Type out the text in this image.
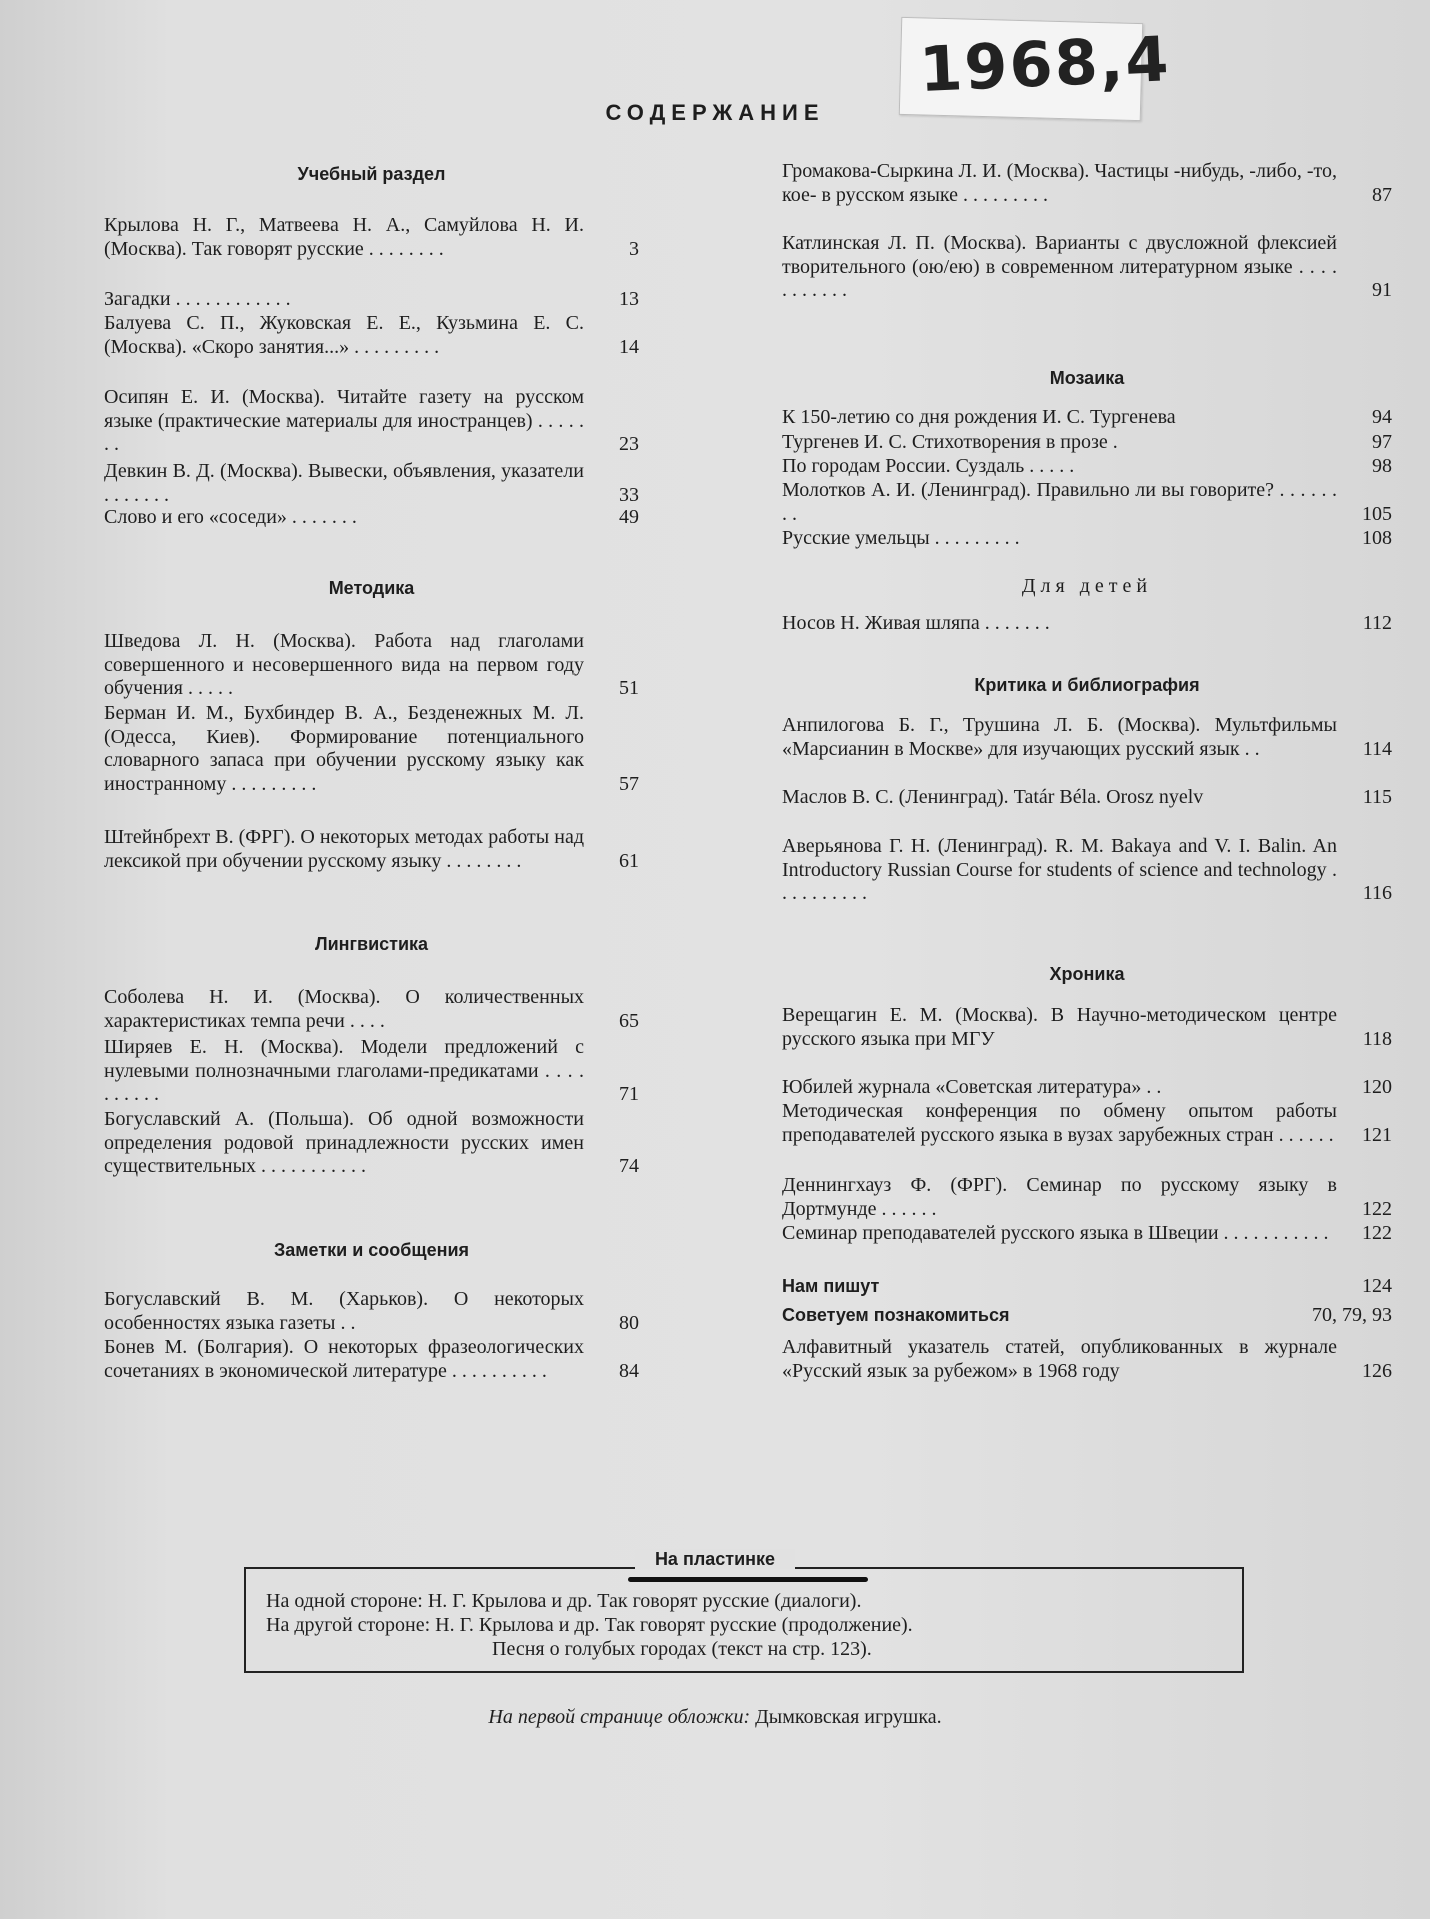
1968,4
СОДЕРЖАНИЕ
Учебный раздел
Крылова Н. Г., Матвеева Н. А., Самуйлова Н. И. (Москва). Так говорят русские . . . . . . . .	3
Загадки . . . . . . . . . . . .	13
Балуева С. П., Жуковская Е. Е., Кузьмина Е. С. (Москва). «Скоро занятия...» . . . . . . . . .	14
Осипян Е. И. (Москва). Читайте газету на русском языке (практические материалы для иностранцев) . . . . . . .	23
Девкин В. Д. (Москва). Вывески, объявления, указатели . . . . . . .	33
Слово и его «соседи» . . . . . . .	49
Методика
Шведова Л. Н. (Москва). Работа над глаголами совершенного и несовершенного вида на первом году обучения . . . . .	51
Берман И. М., Бухбиндер В. А., Безденежных М. Л. (Одесса, Киев). Формирование потенциального словарного запаса при обучении русскому языку как иностранному . . . . . . . . .	57
Штейнбрехт В. (ФРГ). О некоторых методах работы над лексикой при обучении русскому языку . . . . . . . .	61
Лингвистика
Соболева Н. И. (Москва). О количественных характеристиках темпа речи . . . .	65
Ширяев Е. Н. (Москва). Модели предложений с нулевыми полнозначными глаголами-предикатами . . . . . . . . . .	71
Богуславский А. (Польша). Об одной возможности определения родовой принадлежности русских имен существительных . . . . . . . . . . .	74
Заметки и сообщения
Богуславский В. М. (Харьков). О некоторых особенностях языка газеты . .	80
Бонев М. (Болгария). О некоторых фразеологических сочетаниях в экономической литературе . . . . . . . . . .	84
Громакова-Сыркина Л. И. (Москва). Частицы -нибудь, -либо, -то, кое- в русском языке . . . . . . . . .	87
Катлинская Л. П. (Москва). Варианты с двусложной флексией творительного (ою/ею) в современном литературном языке . . . . . . . . . . .	91
Мозаика
К 150-летию со дня рождения И. С. Тургенева	94
Тургенев И. С. Стихотворения в прозе .	97
По городам России. Суздаль . . . . .	98
Молотков А. И. (Ленинград). Правильно ли вы говорите? . . . . . . . .	105
Русские умельцы . . . . . . . . .	108
Для детей
Носов Н. Живая шляпа . . . . . . .	112
Критика и библиография
Анпилогова Б. Г., Трушина Л. Б. (Москва). Мультфильмы «Марсианин в Москве» для изучающих русский язык . .	114
Маслов В. С. (Ленинград). Tatár Béla. Orosz nyelv	115
Аверьянова Г. Н. (Ленинград). R. M. Bakaya and V. I. Balin. An Introductory Russian Course for students of science and technology . . . . . . . . . .	116
Хроника
Верещагин Е. М. (Москва). В Научно-методическом центре русского языка при МГУ	118
Юбилей журнала «Советская литература» . .	120
Методическая конференция по обмену опытом работы преподавателей русского языка в вузах зарубежных стран . . . . . .	121
Деннингхауз Ф. (ФРГ). Семинар по русскому языку в Дортмунде . . . . . .	122
Семинар преподавателей русского языка в Швеции . . . . . . . . . . .	122
Нам пишут	124
Советуем познакомиться	70, 79, 93
Алфавитный указатель статей, опубликованных в журнале «Русский язык за рубежом» в 1968 году	126
На пластинке
На одной стороне: Н. Г. Крылова и др. Так говорят русские (диалоги).
На другой стороне: Н. Г. Крылова и др. Так говорят русские (продолжение).
Песня о голубых городах (текст на стр. 123).
На первой странице обложки: Дымковская игрушка.
